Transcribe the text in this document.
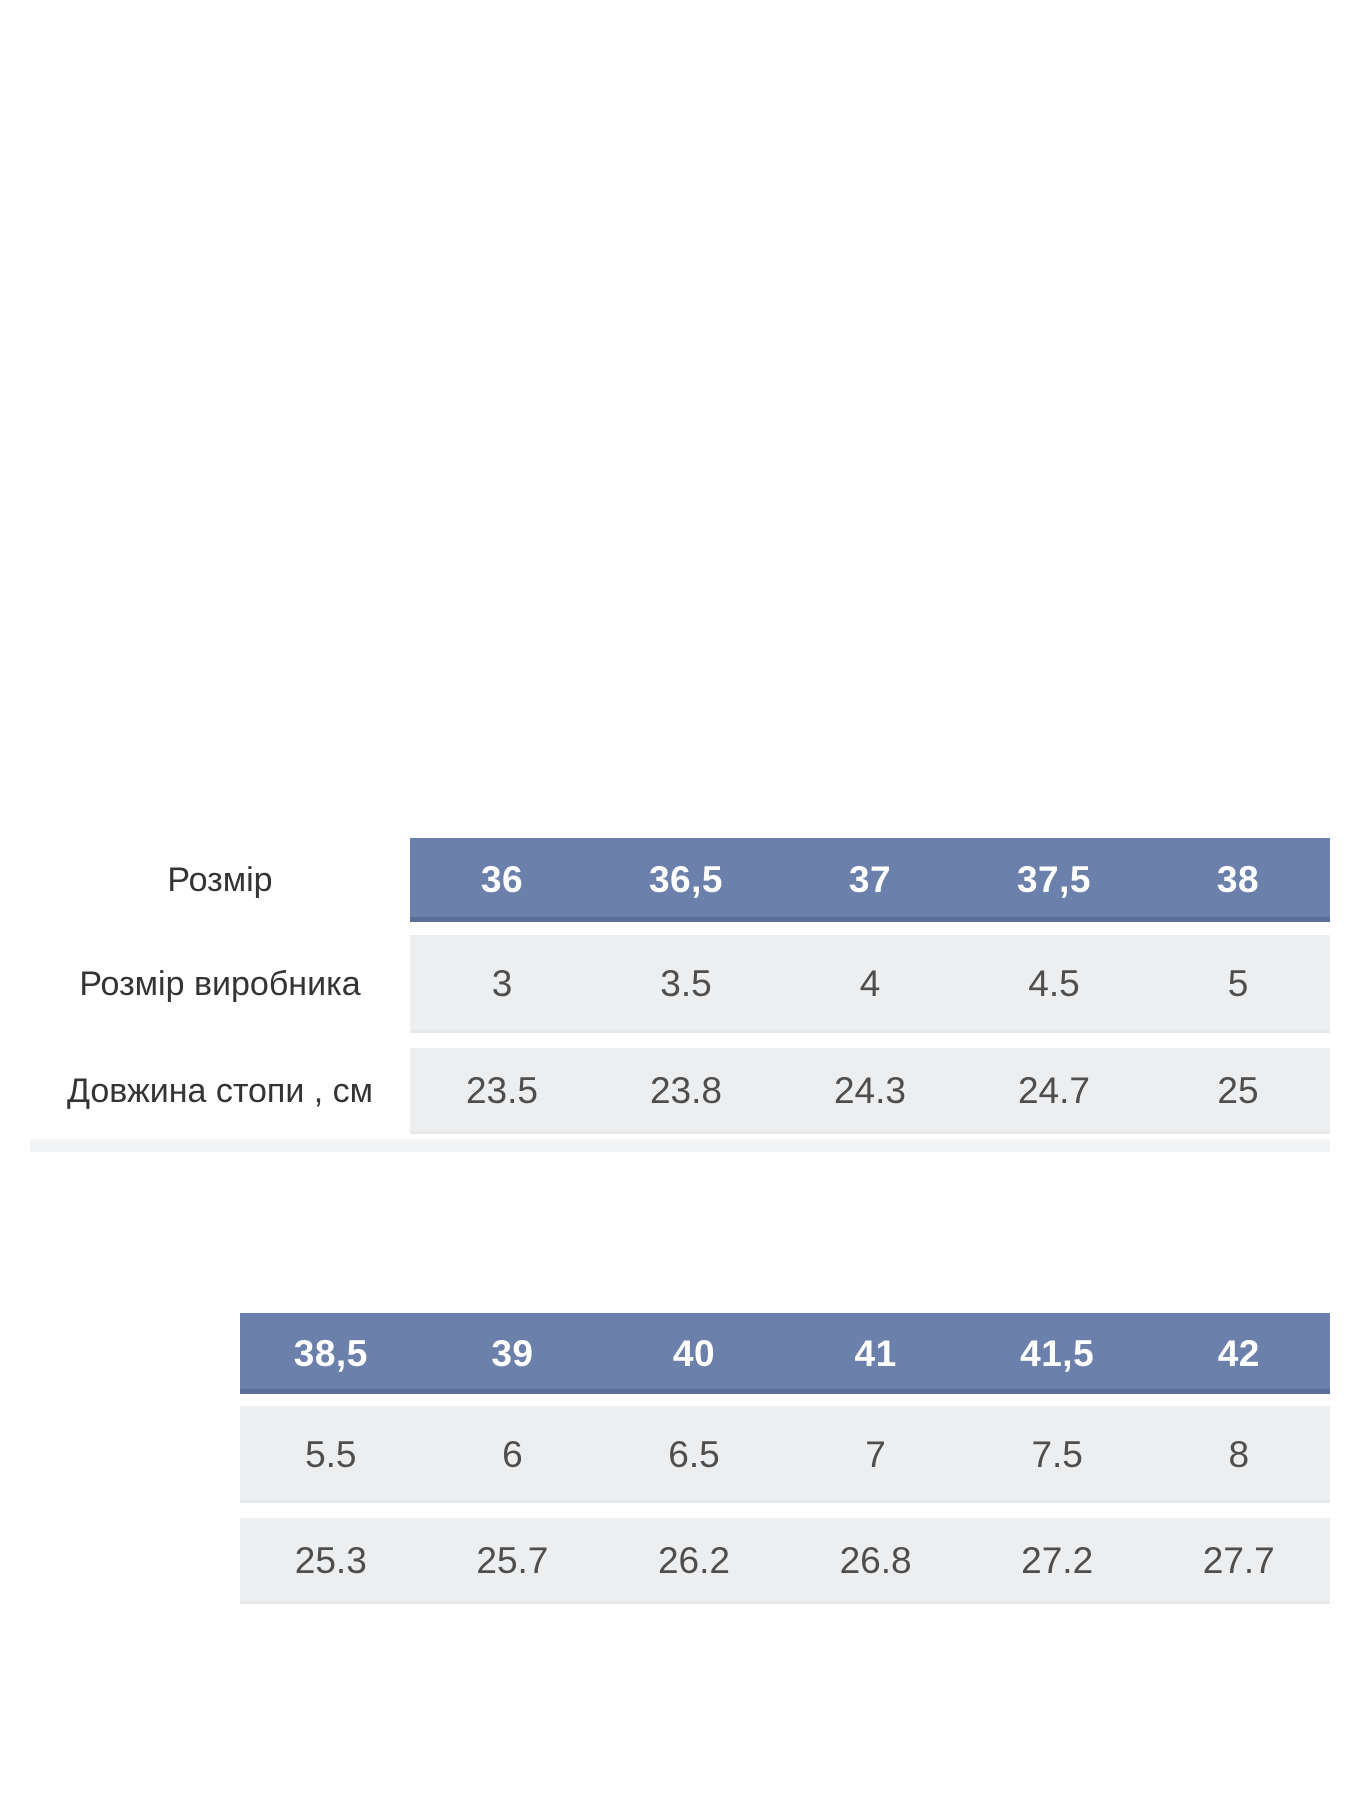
Розмір	36	36,5	37	37,5	38
Розмір виробника	3	3.5	4	4.5	5
Довжина стопи , см	23.5	23.8	24.3	24.7	25
38,5	39	40	41	41,5	42
5.5	6	6.5	7	7.5	8
25.3	25.7	26.2	26.8	27.2	27.7
